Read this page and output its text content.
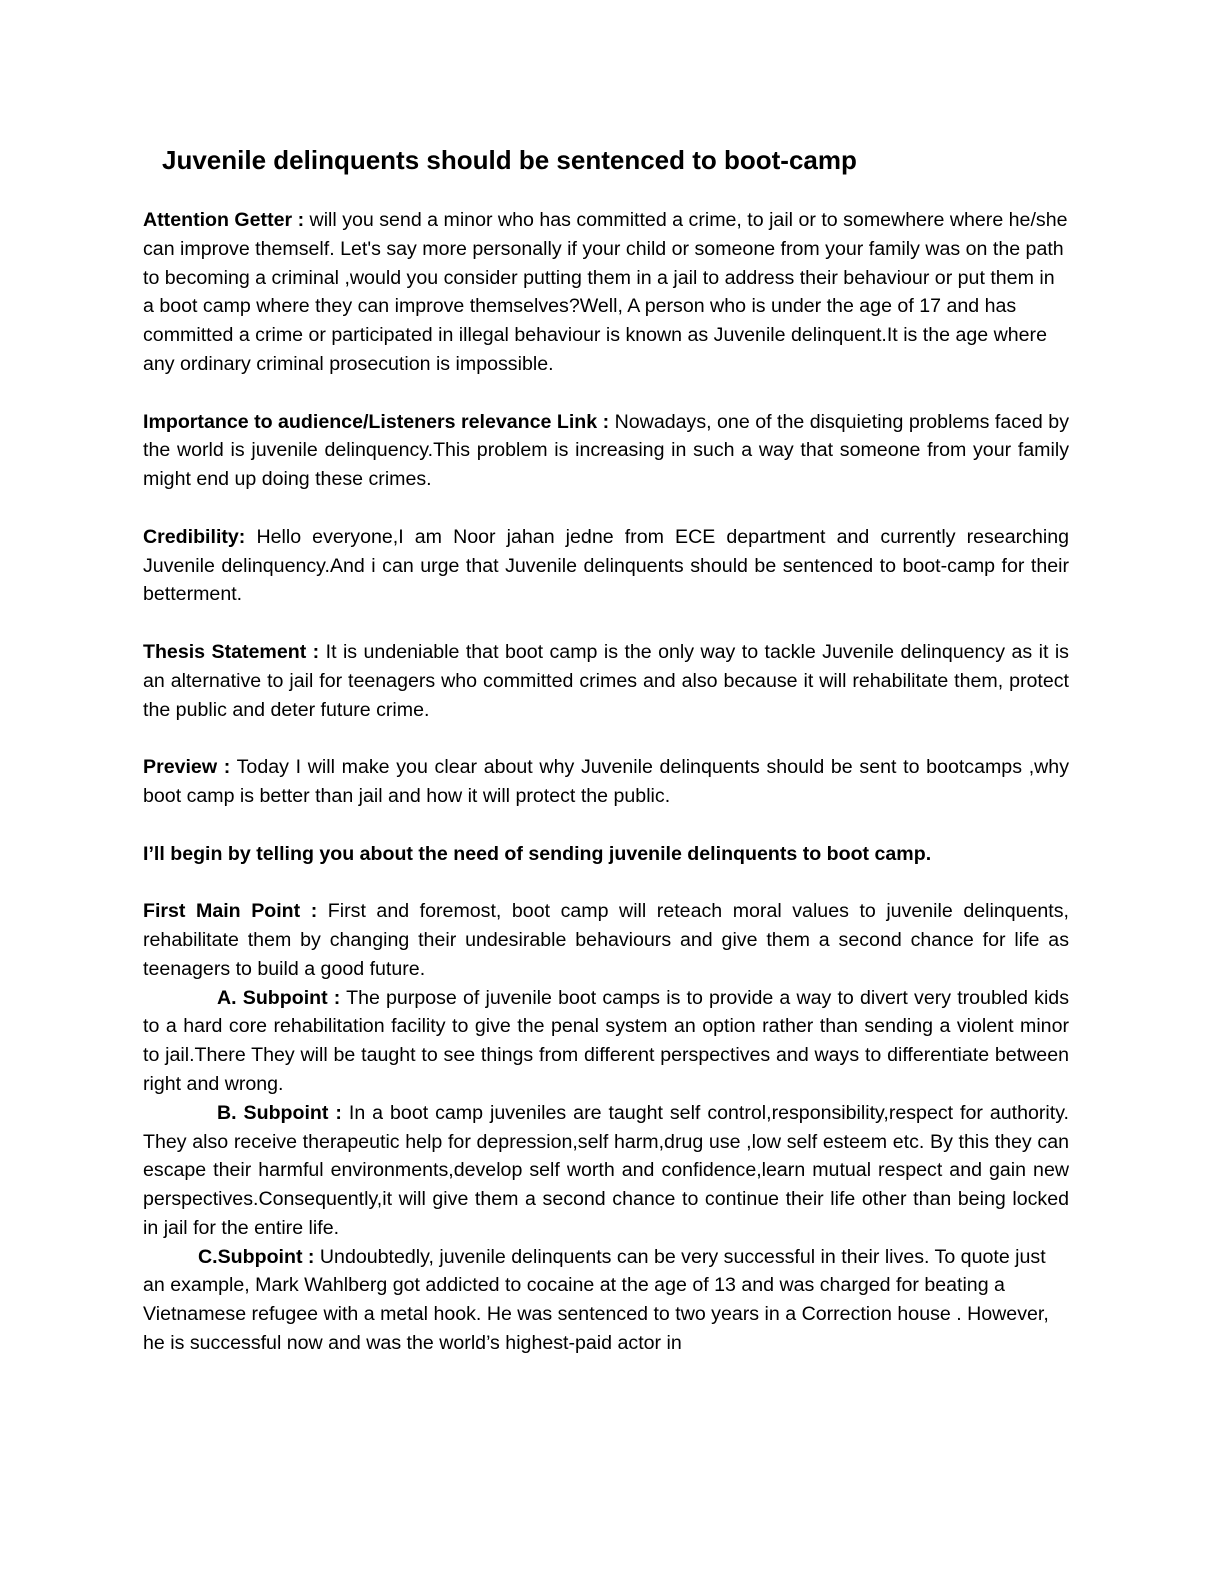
Juvenile delinquents should be sentenced to boot-camp

Attention Getter : will you send a minor who has committed a crime, to jail or to somewhere where he/she can improve themself. Let's say more personally if your child or someone from your family was on the path to becoming a criminal ,would you consider putting them in a jail to address their behaviour or put them in a boot camp where they can improve themselves?Well, A person who is under the age of 17 and has committed a crime or participated in illegal behaviour is known as Juvenile delinquent.It is the age where any ordinary criminal prosecution is impossible.

Importance to audience/Listeners relevance Link : Nowadays, one of the disquieting problems faced by the world is juvenile delinquency.This problem is increasing in such a way that someone from your family might end up doing these crimes.

Credibility: Hello everyone,I am Noor jahan jedne from ECE department and currently researching Juvenile delinquency.And i can urge that Juvenile delinquents should be sentenced to boot-camp for their betterment.

Thesis Statement : It is undeniable that boot camp is the only way to tackle Juvenile delinquency as it is an alternative to jail for teenagers who committed crimes and also because it will rehabilitate them, protect the public and deter future crime.

Preview : Today I will make you clear about why Juvenile delinquents should be sent to bootcamps ,why boot camp is better than jail and how it will protect the public.

I’ll begin by telling you about the need of sending juvenile delinquents to boot camp.

First Main Point : First and foremost, boot camp will reteach moral values to juvenile delinquents, rehabilitate them by changing their undesirable behaviours and give them a second chance for life as teenagers to build a good future.

A. Subpoint : The purpose of juvenile boot camps is to provide a way to divert very troubled kids to a hard core rehabilitation facility to give the penal system an option rather than sending a violent minor to jail.There They will be taught to see things from different perspectives and ways to differentiate between right and wrong.

B. Subpoint : In a boot camp juveniles are taught self control,responsibility,respect for authority. They also receive therapeutic help for depression,self harm,drug use ,low self esteem etc. By this they can escape their harmful environments,develop self worth and confidence,learn mutual respect and gain new perspectives.Consequently,it will give them a second chance to continue their life other than being locked in jail for the entire life.

C.Subpoint : Undoubtedly, juvenile delinquents can be very successful in their lives. To quote just an example, Mark Wahlberg got addicted to cocaine at the age of 13 and was charged for beating a Vietnamese refugee with a metal hook. He was sentenced to two years in a Correction house . However, he is successful now and was the world’s highest-paid actor in
